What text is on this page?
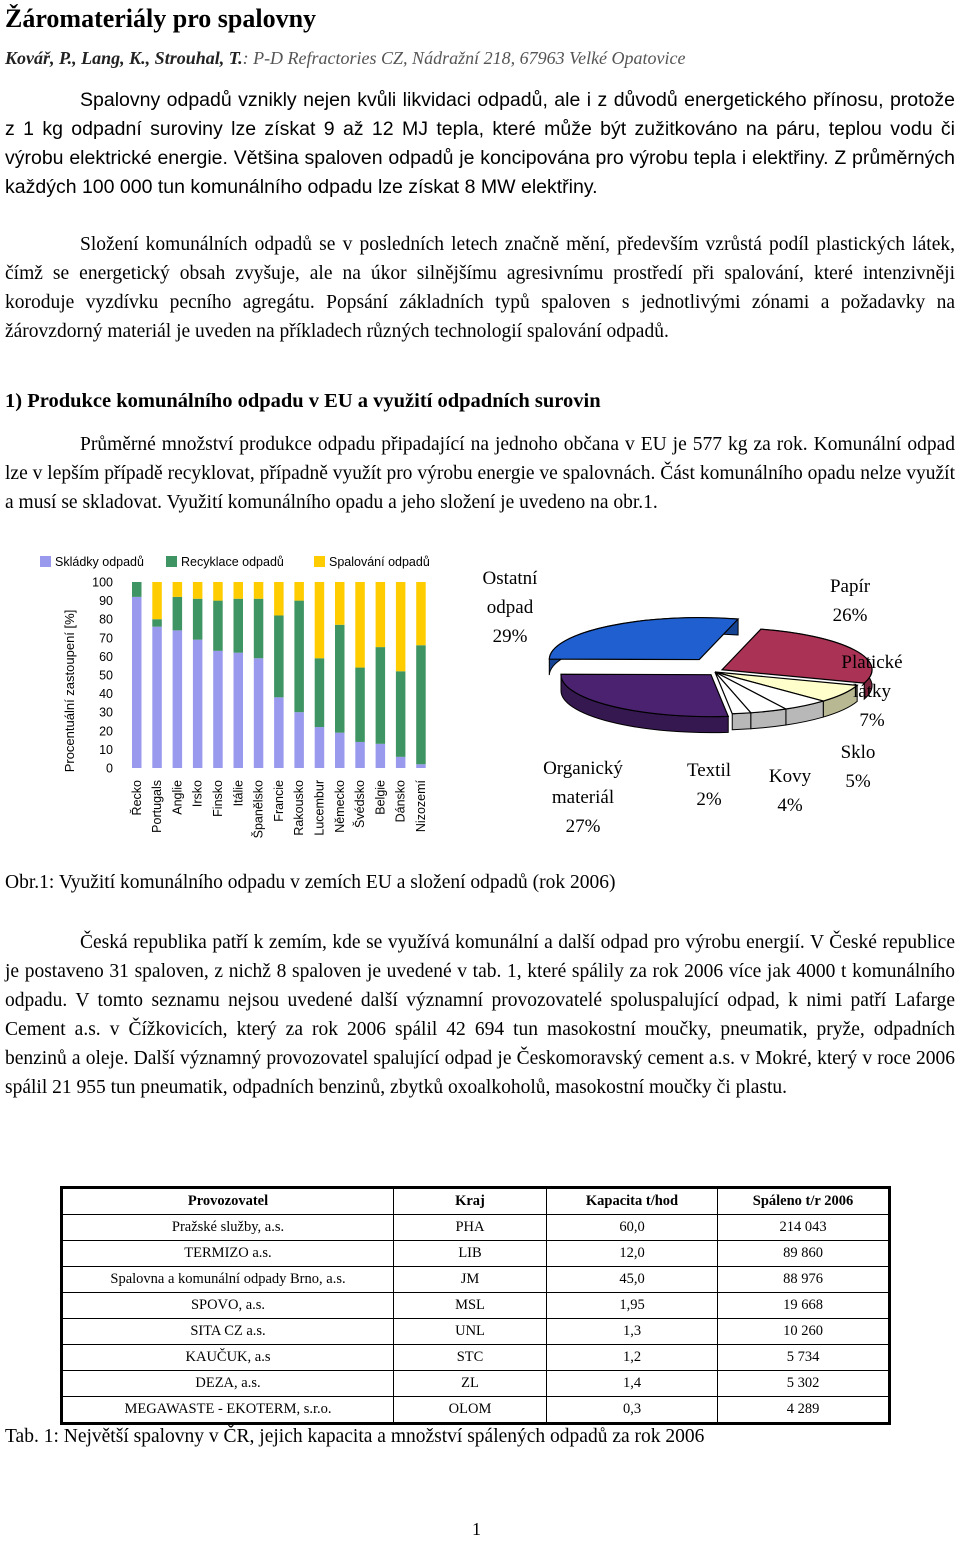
Žáromateriály pro spalovny
Kovář, P., Lang, K., Strouhal, T.: P-D Refractories CZ, Nádražní 218, 67963 Velké Opatovice
Spalovny odpadů vznikly nejen kvůli likvidaci odpadů, ale i z důvodů energetického přínosu, protože z 1 kg odpadní suroviny lze získat 9 až 12 MJ tepla, které může být zužitkováno na páru, teplou vodu či výrobu elektrické energie. Většina spaloven odpadů je koncipována pro výrobu tepla i elektřiny. Z průměrných každých 100 000 tun komunálního odpadu lze získat 8 MW elektřiny.
Složení komunálních odpadů se v posledních letech značně mění, především vzrůstá podíl plastických látek, čímž se energetický obsah zvyšuje, ale na úkor silnějšímu agresivnímu prostředí při spalování, které intenzivněji koroduje vyzdívku pecního agregátu. Popsání základních typů spaloven s jednotlivými zónami a požadavky na žárovzdorný materiál je uveden na příkladech různých technologií spalování odpadů.
1) Produkce komunálního odpadu v EU a využití odpadních surovin
Průměrné množství produkce odpadu připadající na jednoho občana v EU je 577 kg za rok. Komunální odpad lze v lepším případě recyklovat, případně využít pro výrobu energie ve spalovnách. Část komunálního opadu nelze využít a musí se skladovat. Využití komunálního opadu a jeho složení je uvedeno na obr.1.
Skládky odpadů	Recyklace odpadů	Spalování odpadů
Procentuální zastoupení [%] 0
10
20
30
40
50
60
70
80
90
100
Řecko Portugals Anglie Irsko Finsko Itálie Španělsko Francie Rakousko Lucembur Německo Švédsko Belgie Dánsko Nizozemí
Papír
26%
Platické
látky
7%
Sklo
5%
Kovy
4%
Textil
2%
Organický
materiál
27%
Ostatní
odpad
29%
Obr.1: Využití komunálního odpadu v zemích EU a složení odpadů (rok 2006)
Česká republika patří k zemím, kde se využívá komunální a další odpad pro výrobu energií. V České republice je postaveno 31 spaloven, z nichž 8 spaloven je uvedené v tab. 1, které spálily za rok 2006 více jak 4000 t komunálního odpadu. V tomto seznamu nejsou uvedené další významní provozovatelé spoluspalující odpad, k nimi patří Lafarge Cement a.s. v Čížkovicích, který za rok 2006 spálil 42 694 tun masokostní moučky, pneumatik, pryže, odpadních benzinů a oleje. Další významný provozovatel spalující odpad je Českomoravský cement a.s. v Mokré, který v roce 2006 spálil 21 955 tun pneumatik, odpadních benzinů, zbytků oxoalkoholů, masokostní moučky či plastu.
Provozovatel	Kraj	Kapacita t/hod	Spáleno t/r 2006
Pražské služby, a.s.	PHA	60,0	214 043
TERMIZO a.s.	LIB	12,0	89 860
Spalovna a komunální odpady Brno, a.s.	JM	45,0	88 976
SPOVO, a.s.	MSL	1,95	19 668
SITA CZ a.s.	UNL	1,3	10 260
KAUČUK, a.s	STC	1,2	5 734
DEZA, a.s.	ZL	1,4	5 302
MEGAWASTE - EKOTERM, s.r.o.	OLOM	0,3	4 289
Tab. 1: Největší spalovny v ČR, jejich kapacita a množství spálených odpadů za rok 2006
1
